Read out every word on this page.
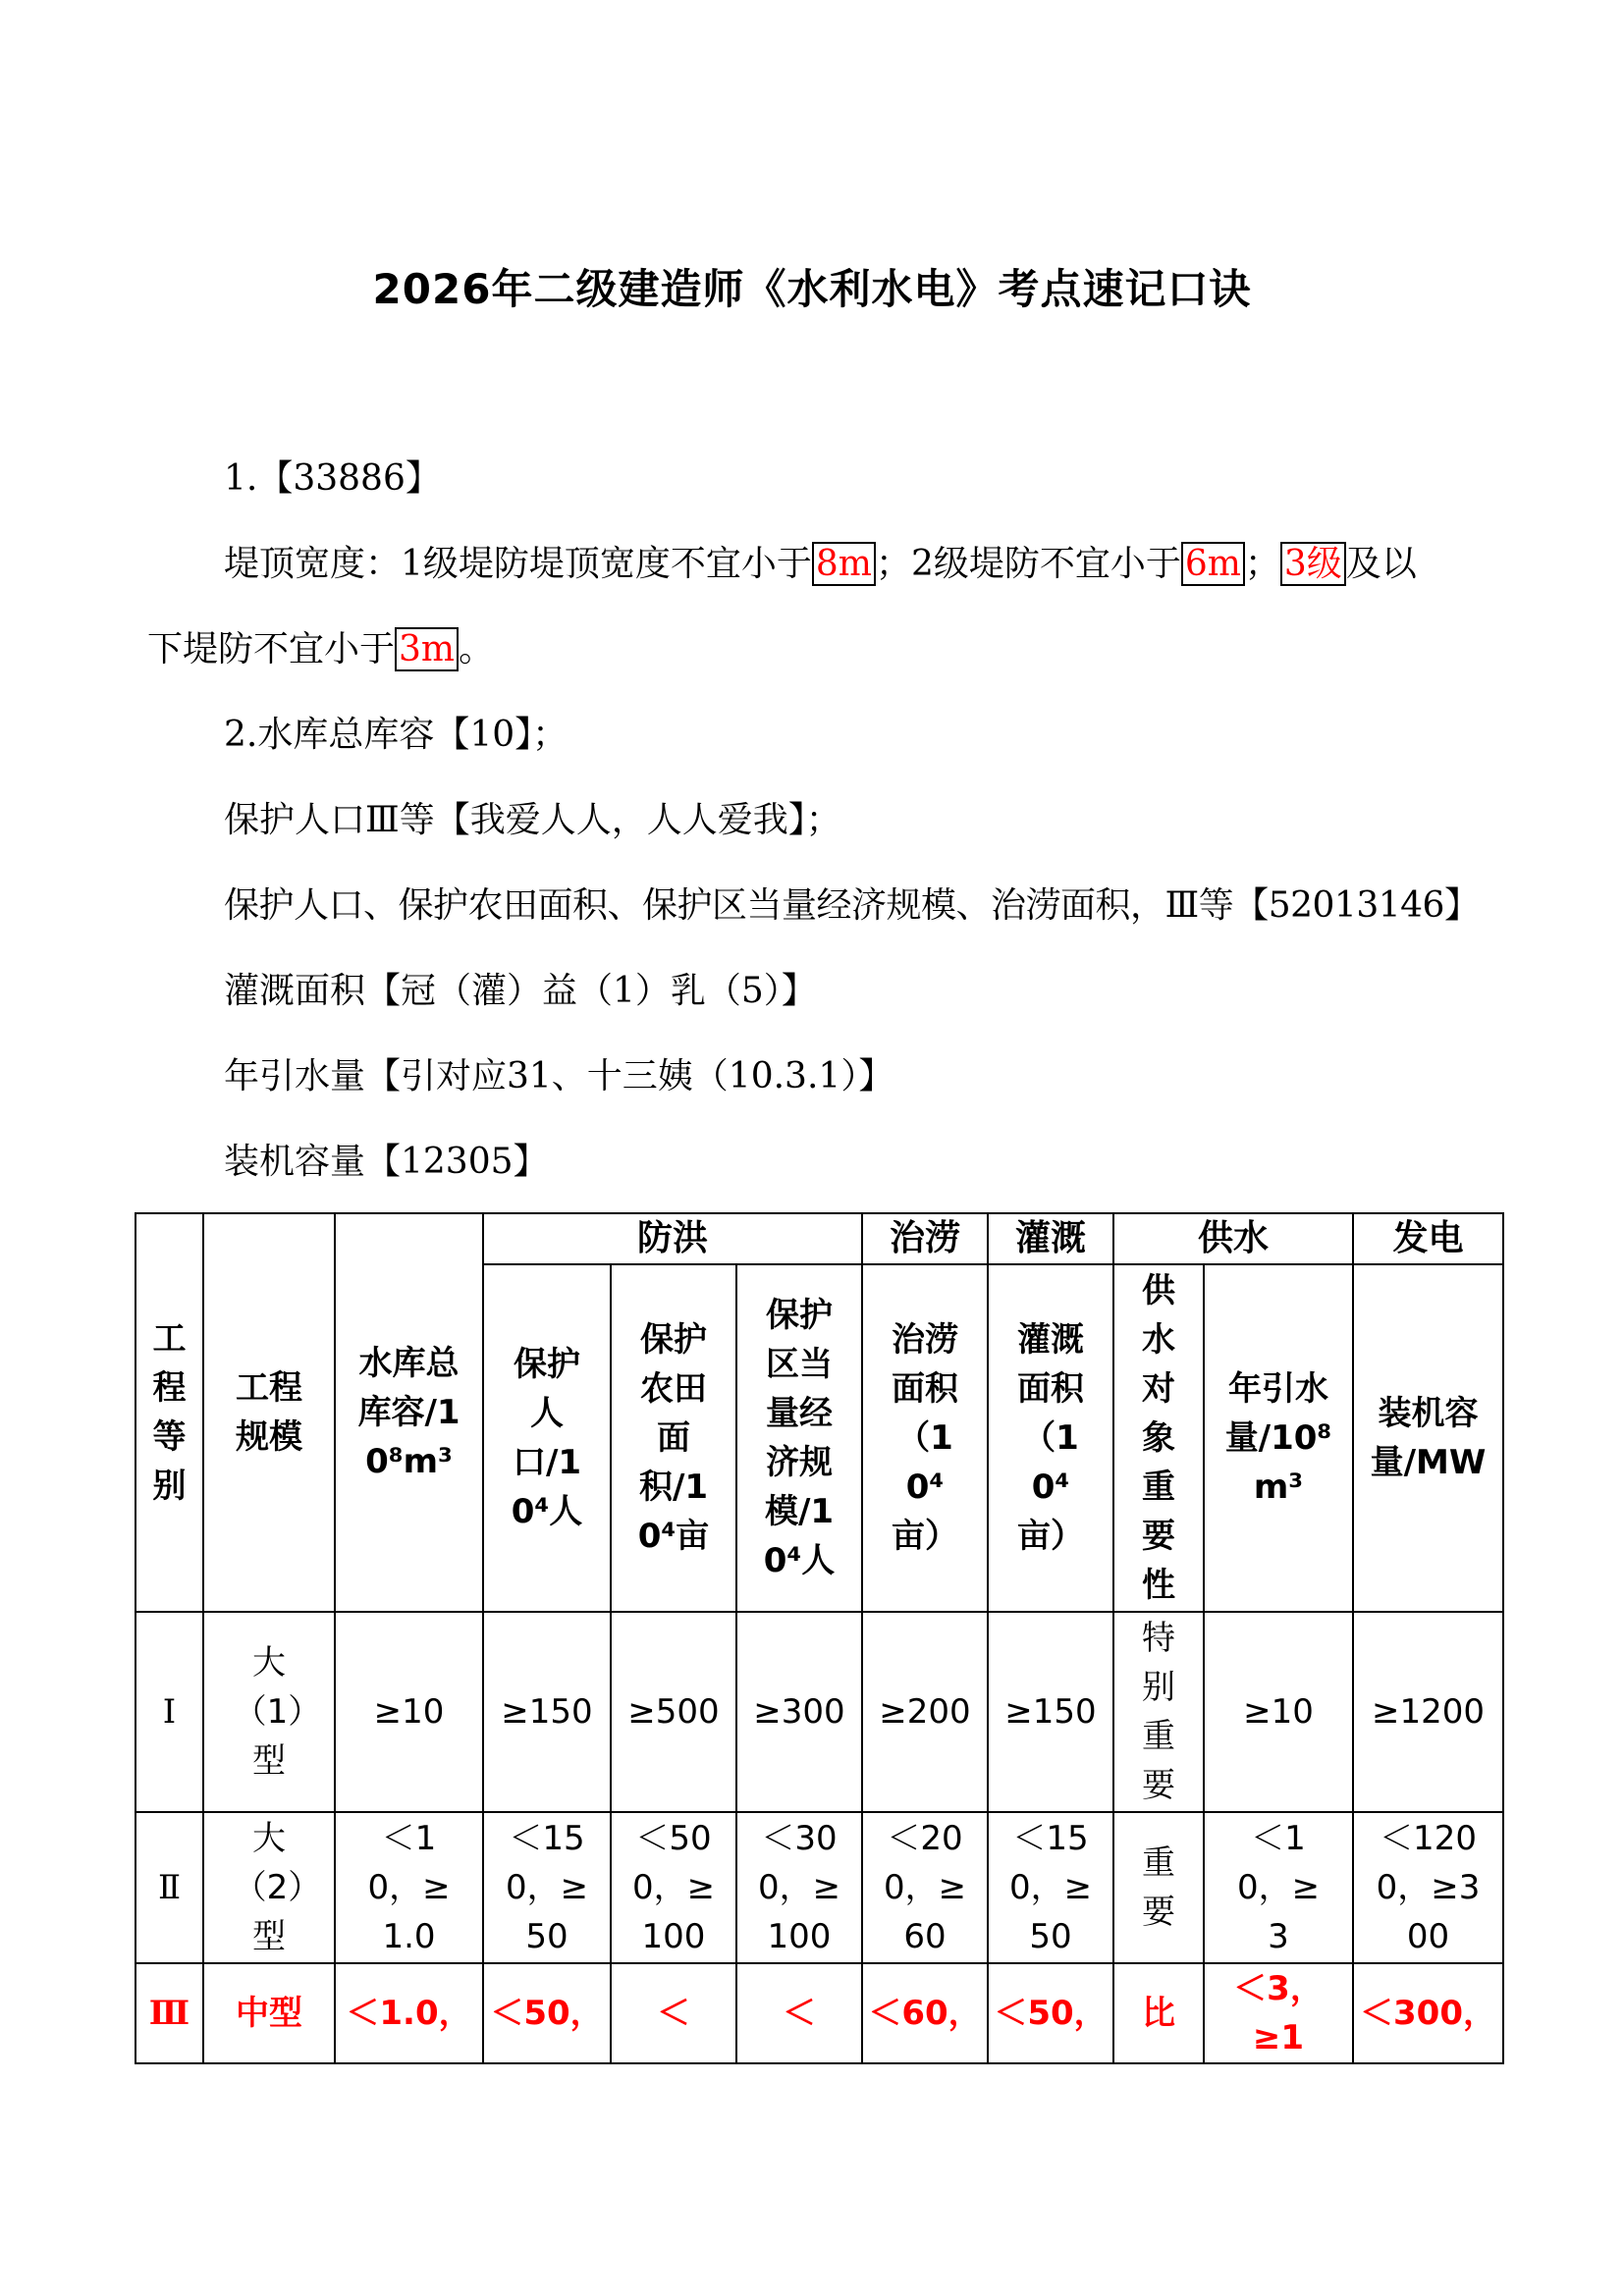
2026年二级建造师《水利水电》考点速记口诀
1.【33886】
堤顶宽度：1级堤防堤顶宽度不宜小于 8m ；2级堤防不宜小于 6m ； 3级 及以
下堤防不宜小于 3m 。
2.水库总库容【10】；
保护人口Ⅲ等【我爱人人，人人爱我】；
保护人口、保护农田面积、保护区当量经济规模、治涝面积，Ⅲ等【52013146】
灌溉面积【冠（灌）益（1）乳（5）】
年引水量【引对应31、十三姨（10.3.1）】
装机容量【12305】
工程等别	工程规模	水库总库容/10⁸m³	防洪			治涝	灌溉	供水		发电
			保护人口/10⁴人	保护农田面积/10⁴亩	保护区当量经济规模/10⁴人	治涝面积（10⁴亩）	灌溉面积（10⁴亩）	供水对象重要性	年引水量/10⁸m³	装机容量/MW
Ⅰ	大（1）型	≥10	≥150	≥500	≥300	≥200	≥150	特别重要	≥10	≥1200
Ⅱ	大（2）型	＜10，≥1.0	＜150，≥50	＜500，≥100	＜300，≥100	＜200，≥60	＜150，≥50	重要	＜10，≥3	＜1200，≥300
Ⅲ	中型	＜1.0，	＜50，	＜	＜	＜60，	＜50，	比	＜3，≥1	＜300，
